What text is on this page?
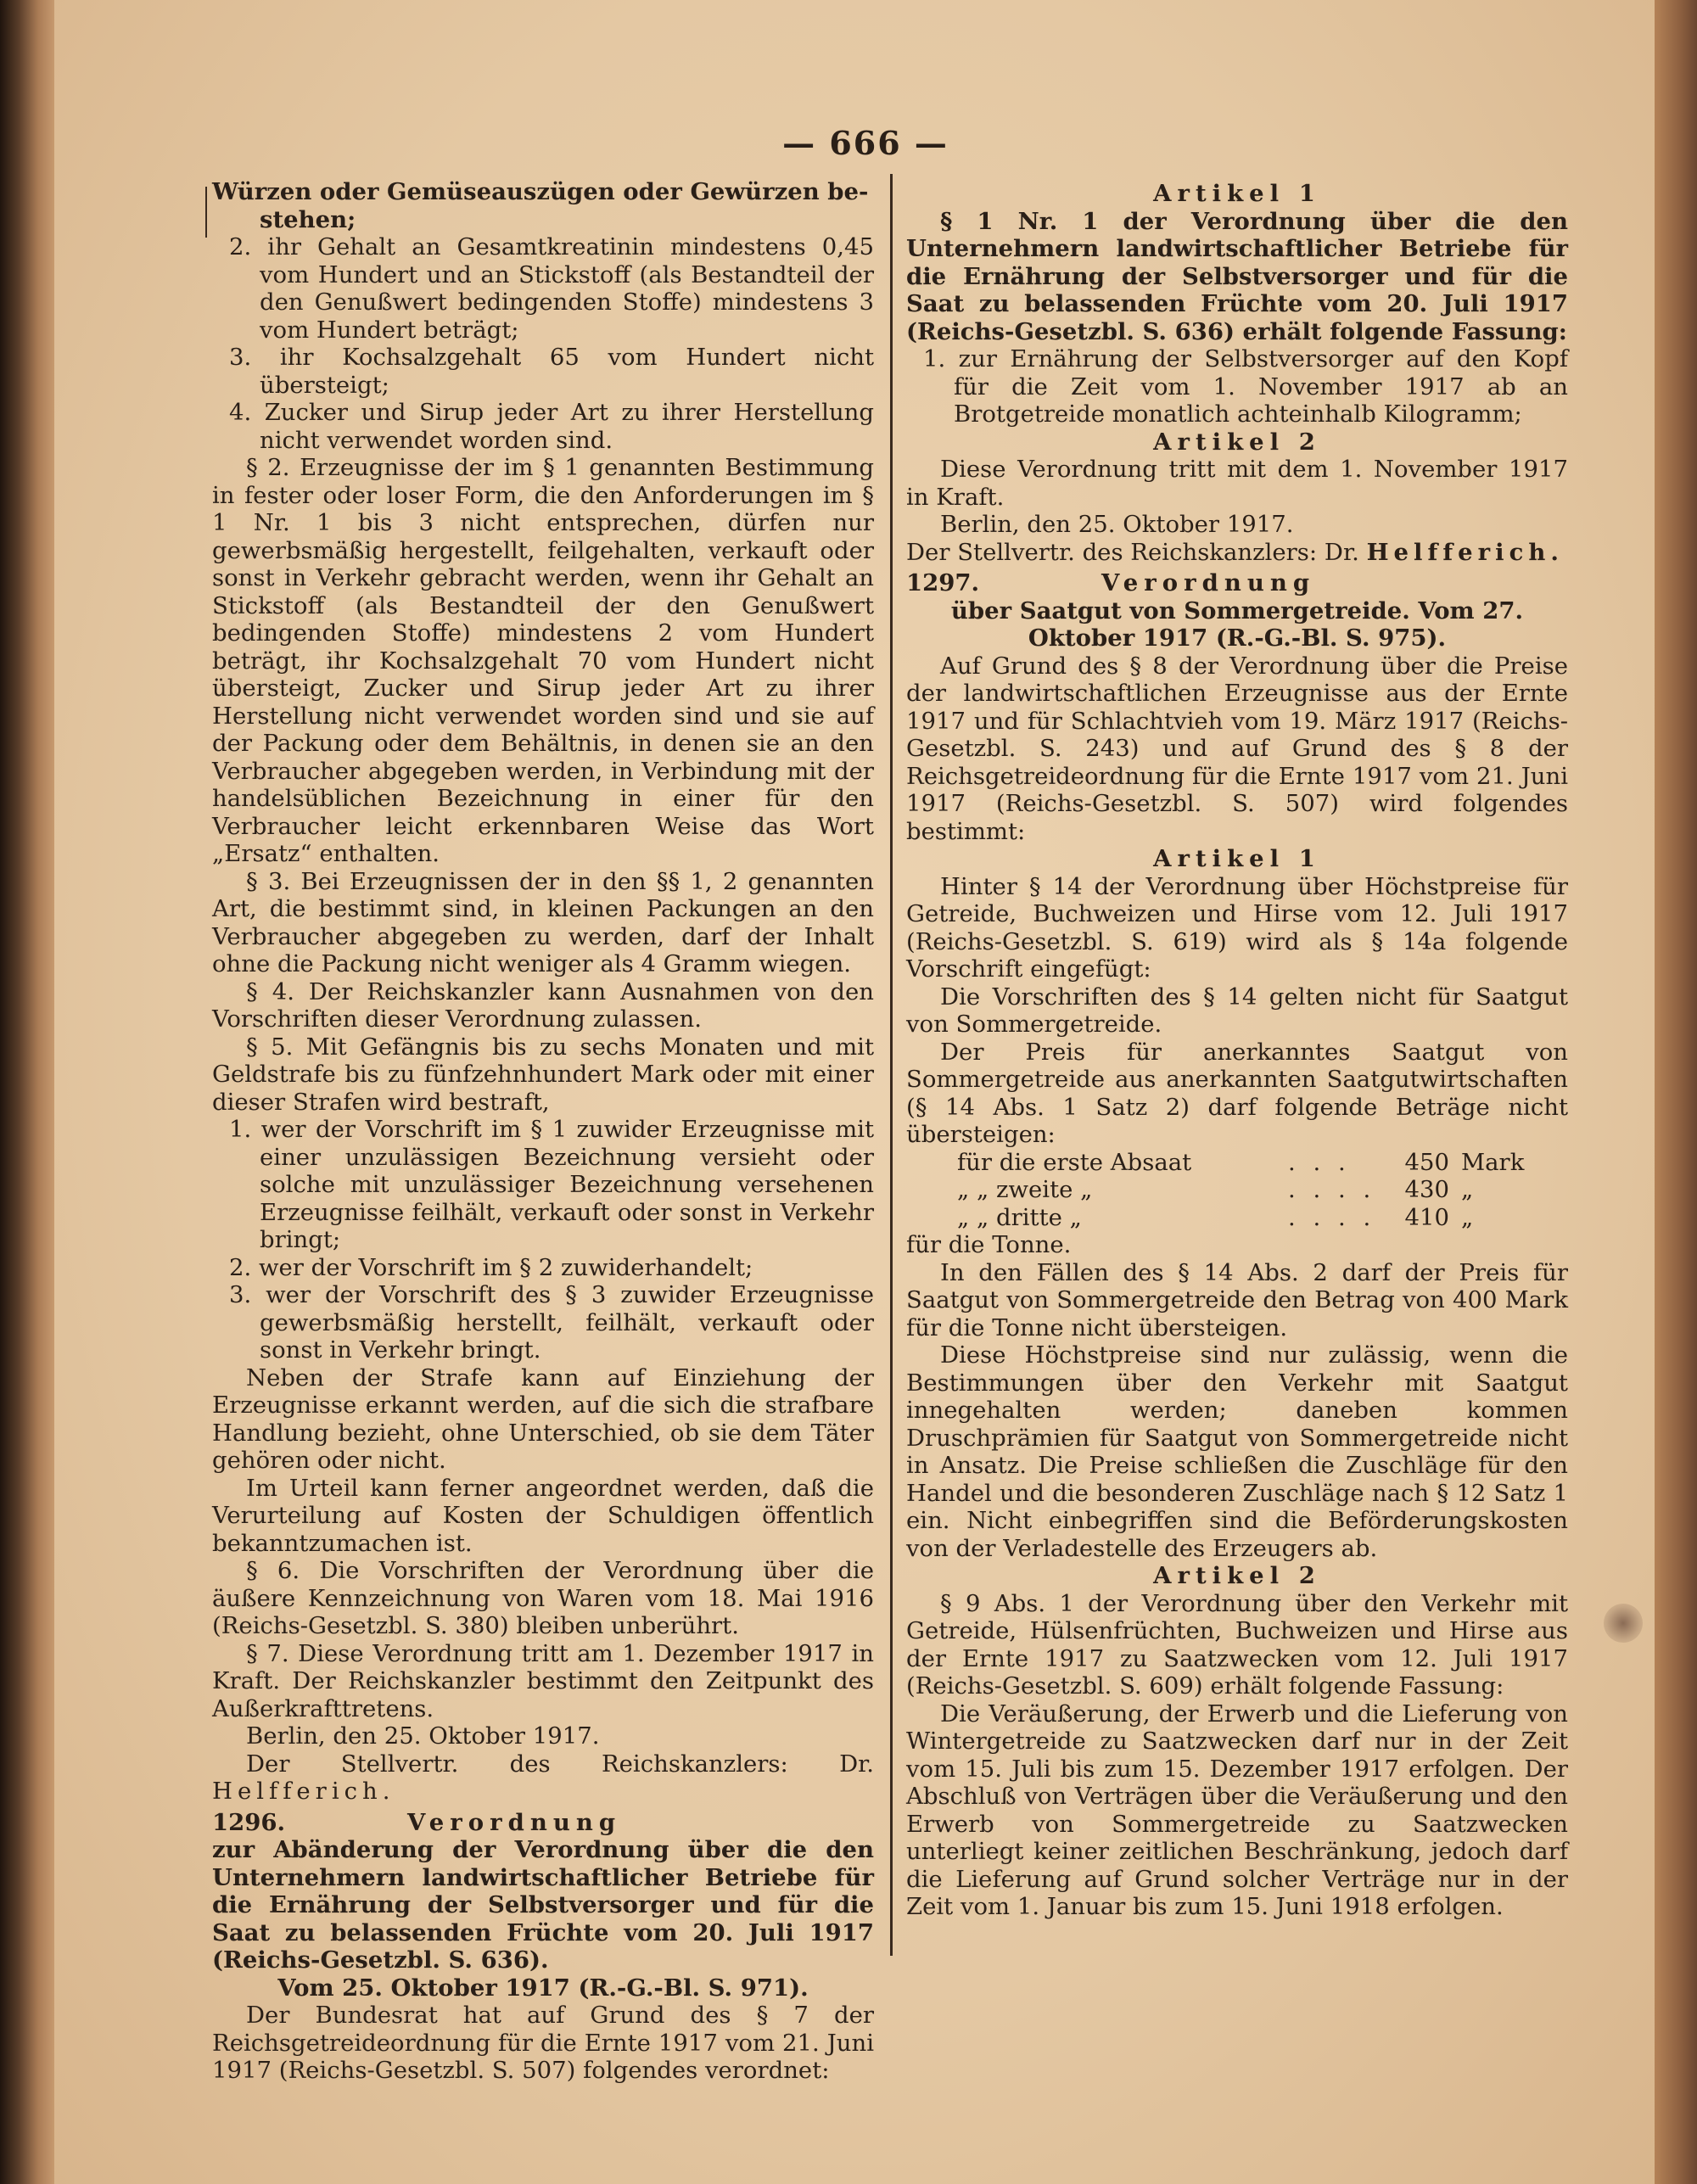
— 666 —

Würzen oder Gemüseauszügen oder Gewürzen be-
stehen;

2. ihr Gehalt an Gesamtkreatinin mindestens 0,45 vom Hundert und an Stickstoff (als Bestandteil der den Genußwert bedingenden Stoffe) mindestens 3 vom Hundert beträgt;

3. ihr Kochsalzgehalt 65 vom Hundert nicht übersteigt;

4. Zucker und Sirup jeder Art zu ihrer Herstellung nicht verwendet worden sind.

§ 2. Erzeugnisse der im § 1 genannten Bestimmung in fester oder loser Form, die den Anforderungen im § 1 Nr. 1 bis 3 nicht entsprechen, dürfen nur gewerbsmäßig hergestellt, feilgehalten, verkauft oder sonst in Verkehr gebracht werden, wenn ihr Gehalt an Stickstoff (als Bestandteil der den Genußwert bedingenden Stoffe) mindestens 2 vom Hundert beträgt, ihr Kochsalzgehalt 70 vom Hundert nicht übersteigt, Zucker und Sirup jeder Art zu ihrer Herstellung nicht verwendet worden sind und sie auf der Packung oder dem Behältnis, in denen sie an den Verbraucher abgegeben werden, in Verbindung mit der handelsüblichen Bezeichnung in einer für den Verbraucher leicht erkennbaren Weise das Wort „Ersatz“ enthalten.

§ 3. Bei Erzeugnissen der in den §§ 1, 2 genannten Art, die bestimmt sind, in kleinen Packungen an den Verbraucher abgegeben zu werden, darf der Inhalt ohne die Packung nicht weniger als 4 Gramm wiegen.

§ 4. Der Reichskanzler kann Ausnahmen von den Vorschriften dieser Verordnung zulassen.

§ 5. Mit Gefängnis bis zu sechs Monaten und mit Geldstrafe bis zu fünfzehnhundert Mark oder mit einer dieser Strafen wird bestraft,

1. wer der Vorschrift im § 1 zuwider Erzeugnisse mit einer unzulässigen Bezeichnung versieht oder solche mit unzulässiger Bezeichnung versehenen Erzeugnisse feilhält, verkauft oder sonst in Verkehr bringt;

2. wer der Vorschrift im § 2 zuwiderhandelt;

3. wer der Vorschrift des § 3 zuwider Erzeugnisse gewerbsmäßig herstellt, feilhält, verkauft oder sonst in Verkehr bringt.

Neben der Strafe kann auf Einziehung der Erzeugnisse erkannt werden, auf die sich die strafbare Handlung bezieht, ohne Unterschied, ob sie dem Täter gehören oder nicht.

Im Urteil kann ferner angeordnet werden, daß die Verurteilung auf Kosten der Schuldigen öffentlich bekanntzumachen ist.

§ 6. Die Vorschriften der Verordnung über die äußere Kennzeichnung von Waren vom 18. Mai 1916 (Reichs-Gesetzbl. S. 380) bleiben unberührt.

§ 7. Diese Verordnung tritt am 1. Dezember 1917 in Kraft. Der Reichskanzler bestimmt den Zeitpunkt des Außerkrafttretens.

Berlin, den 25. Oktober 1917.

Der Stellvertr. des Reichskanzlers: Dr. Helfferich.

1296.	Verordnung

zur Abänderung der Verordnung über die den Unternehmern landwirtschaftlicher Betriebe für die Ernährung der Selbstversorger und für die Saat zu belassenden Früchte vom 20. Juli 1917 (Reichs-Gesetzbl. S. 636).

Vom 25. Oktober 1917 (R.-G.-Bl. S. 971).

Der Bundesrat hat auf Grund des § 7 der Reichsgetreideordnung für die Ernte 1917 vom 21. Juni 1917 (Reichs-Gesetzbl. S. 507) folgendes verordnet:

Artikel 1

§ 1 Nr. 1 der Verordnung über die den Unternehmern landwirtschaftlicher Betriebe für die Ernährung der Selbstversorger und für die Saat zu belassenden Früchte vom 20. Juli 1917 (Reichs-Gesetzbl. S. 636) erhält folgende Fassung:

1. zur Ernährung der Selbstversorger auf den Kopf für die Zeit vom 1. November 1917 ab an Brotgetreide monatlich achteinhalb Kilogramm;

Artikel 2

Diese Verordnung tritt mit dem 1. November 1917 in Kraft.

Berlin, den 25. Oktober 1917.

Der Stellvertr. des Reichskanzlers: Dr. Helfferich.

1297.	Verordnung

über Saatgut von Sommergetreide. Vom 27. Oktober 1917 (R.-G.-Bl. S. 975).

Auf Grund des § 8 der Verordnung über die Preise der landwirtschaftlichen Erzeugnisse aus der Ernte 1917 und für Schlachtvieh vom 19. März 1917 (Reichs-Gesetzbl. S. 243) und auf Grund des § 8 der Reichsgetreideordnung für die Ernte 1917 vom 21. Juni 1917 (Reichs-Gesetzbl. S. 507) wird folgendes bestimmt:

Artikel 1

Hinter § 14 der Verordnung über Höchstpreise für Getreide, Buchweizen und Hirse vom 12. Juli 1917 (Reichs-Gesetzbl. S. 619) wird als § 14a folgende Vorschrift eingefügt:

Die Vorschriften des § 14 gelten nicht für Saatgut von Sommergetreide.

Der Preis für anerkanntes Saatgut von Sommergetreide aus anerkannten Saatgutwirtschaften (§ 14 Abs. 1 Satz 2) darf folgende Beträge nicht übersteigen:

für die erste Absaat	. . .	450 Mark
„ „ zweite „	. . . .	430 „
„ „ dritte „	. . . .	410 „

für die Tonne.

In den Fällen des § 14 Abs. 2 darf der Preis für Saatgut von Sommergetreide den Betrag von 400 Mark für die Tonne nicht übersteigen.

Diese Höchstpreise sind nur zulässig, wenn die Bestimmungen über den Verkehr mit Saatgut innegehalten werden; daneben kommen Druschprämien für Saatgut von Sommergetreide nicht in Ansatz. Die Preise schließen die Zuschläge für den Handel und die besonderen Zuschläge nach § 12 Satz 1 ein. Nicht einbegriffen sind die Beförderungskosten von der Verladestelle des Erzeugers ab.

Artikel 2

§ 9 Abs. 1 der Verordnung über den Verkehr mit Getreide, Hülsenfrüchten, Buchweizen und Hirse aus der Ernte 1917 zu Saatzwecken vom 12. Juli 1917 (Reichs-Gesetzbl. S. 609) erhält folgende Fassung:

Die Veräußerung, der Erwerb und die Lieferung von Wintergetreide zu Saatzwecken darf nur in der Zeit vom 15. Juli bis zum 15. Dezember 1917 erfolgen. Der Abschluß von Verträgen über die Veräußerung und den Erwerb von Sommergetreide zu Saatzwecken unterliegt keiner zeitlichen Beschränkung, jedoch darf die Lieferung auf Grund solcher Verträge nur in der Zeit vom 1. Januar bis zum 15. Juni 1918 erfolgen.
